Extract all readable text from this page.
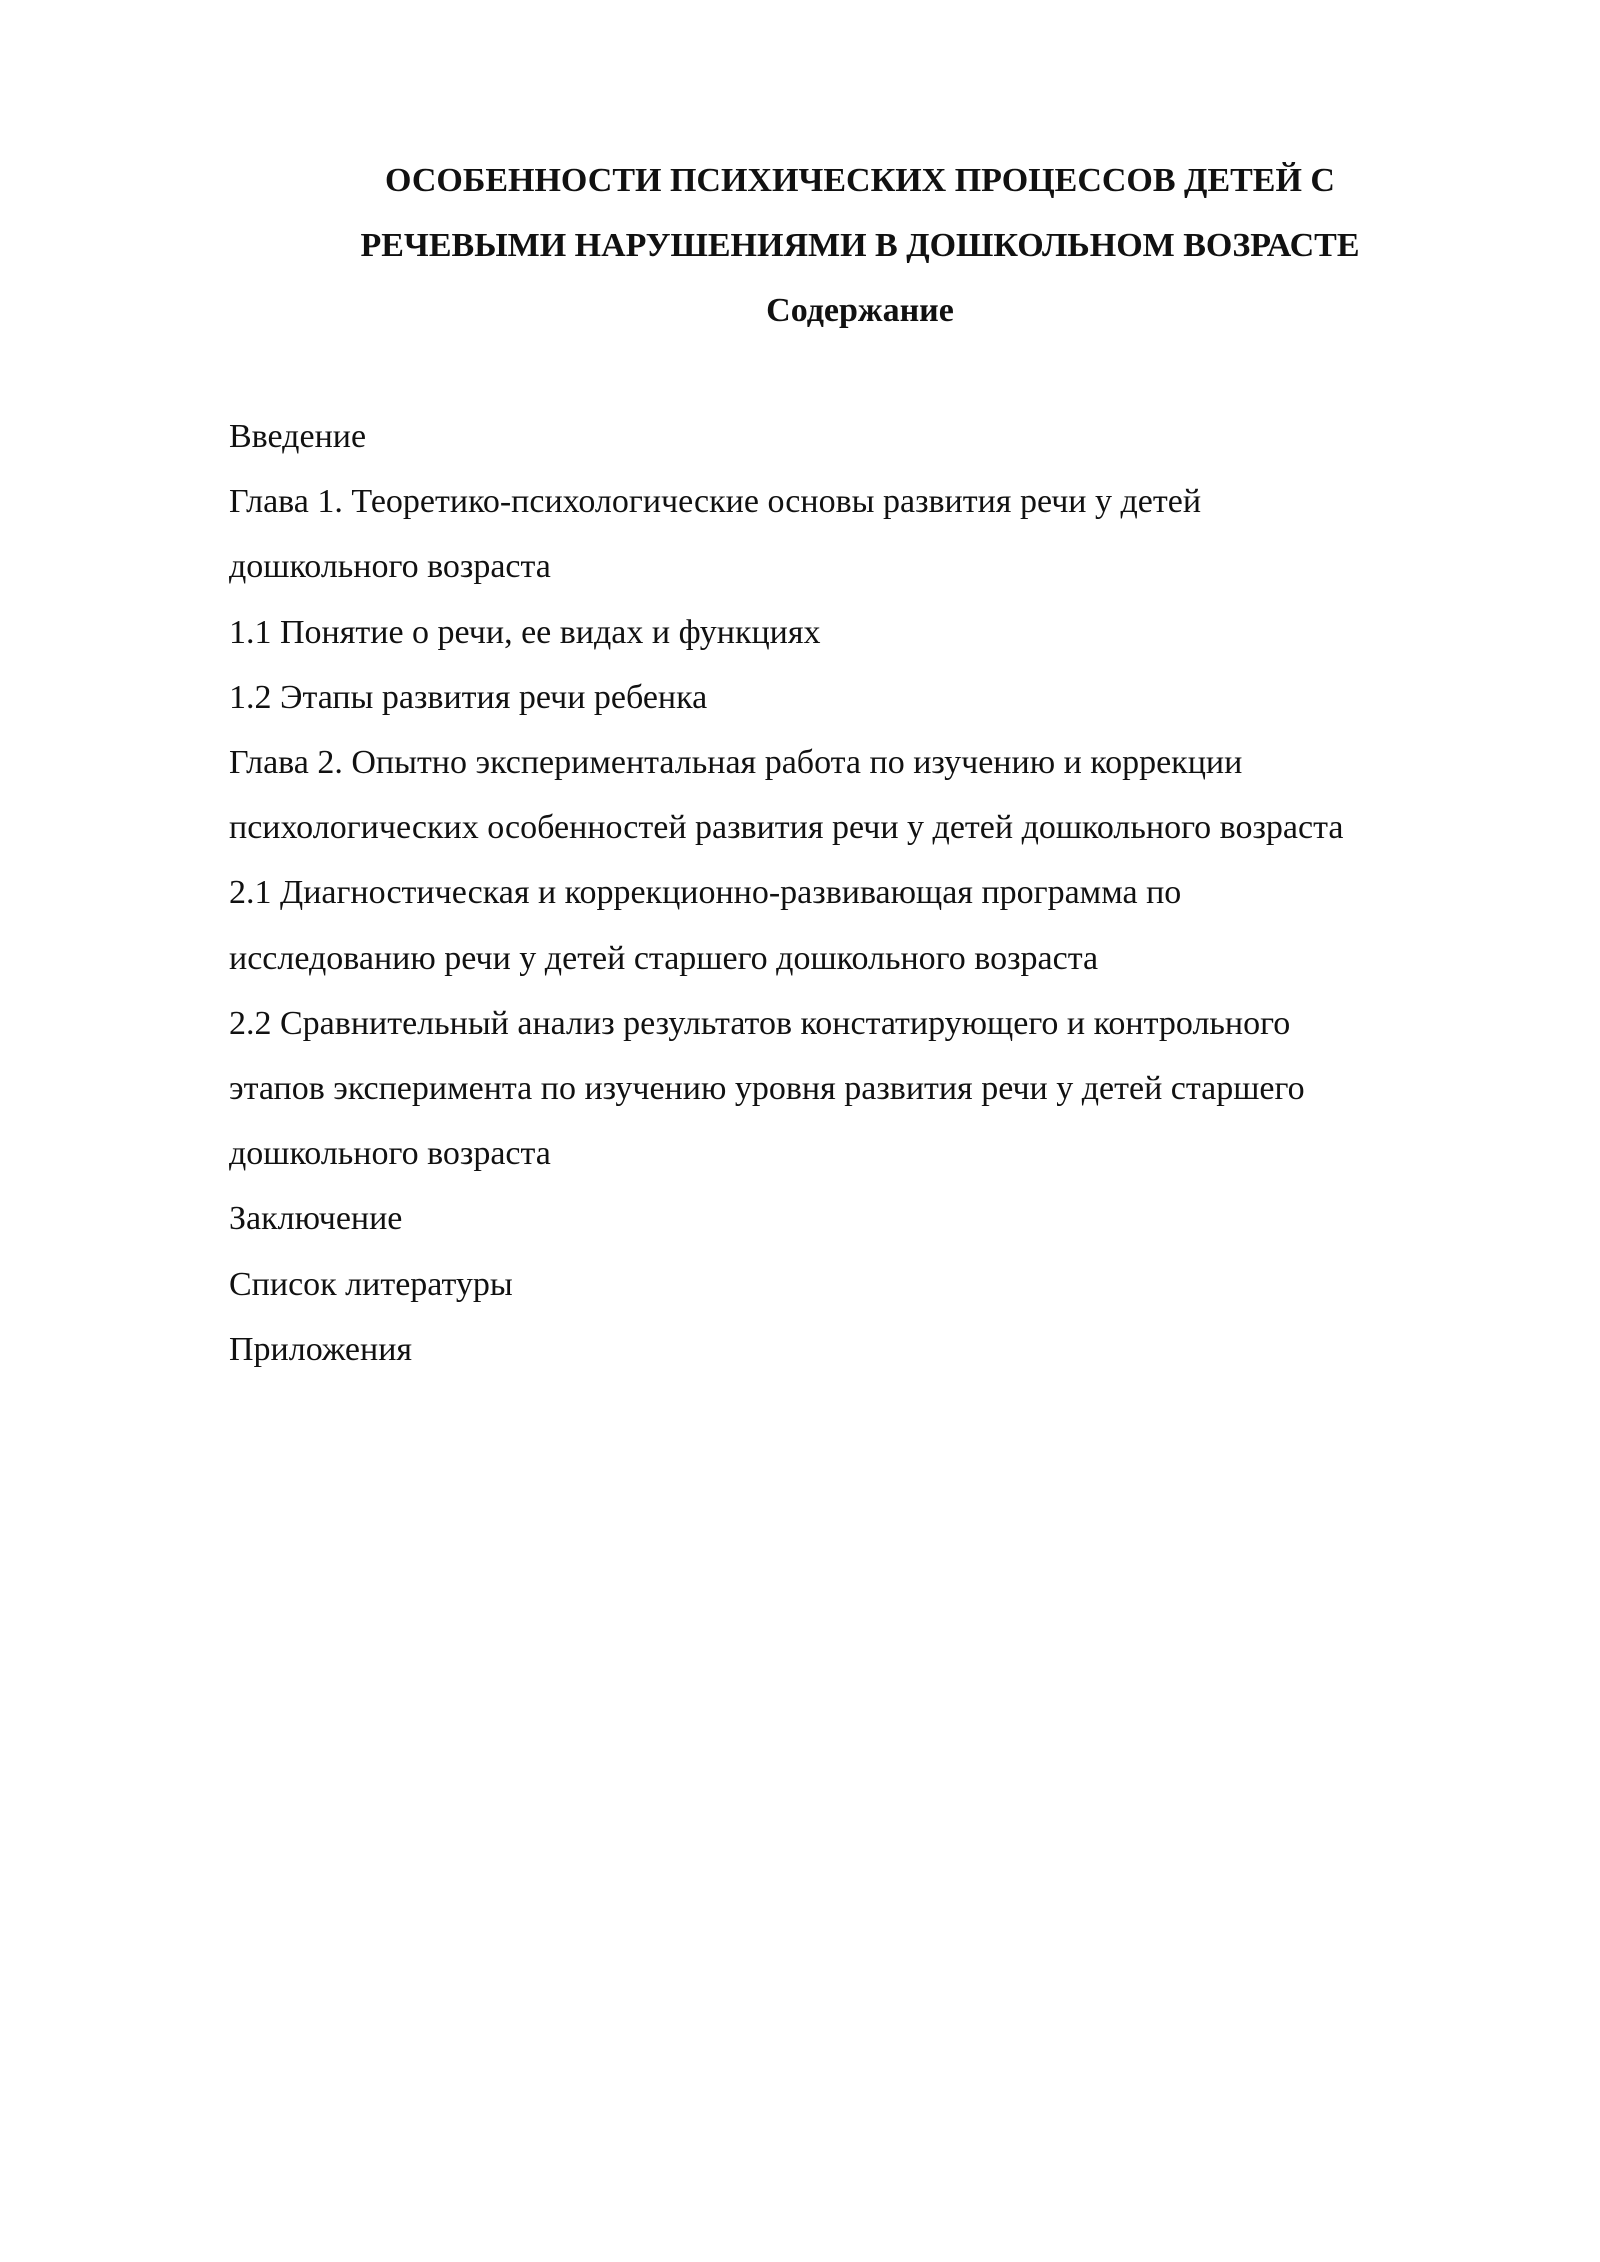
ОСОБЕННОСТИ ПСИХИЧЕСКИХ ПРОЦЕССОВ ДЕТЕЙ С

РЕЧЕВЫМИ НАРУШЕНИЯМИ В ДОШКОЛЬНОМ ВОЗРАСТЕ

Содержание

Введение
Глава 1. Теоретико-психологические основы развития речи у детей
дошкольного возраста
1.1 Понятие о речи, ее видах и функциях
1.2 Этапы развития речи ребенка
Глава 2. Опытно экспериментальная работа по изучению и коррекции
психологических особенностей развития речи у детей дошкольного возраста
2.1 Диагностическая и коррекционно-развивающая программа по
исследованию речи у детей старшего дошкольного возраста
2.2 Сравнительный анализ результатов констатирующего и контрольного
этапов эксперимента по изучению уровня развития речи у детей старшего
дошкольного возраста
Заключение
Список литературы
Приложения
